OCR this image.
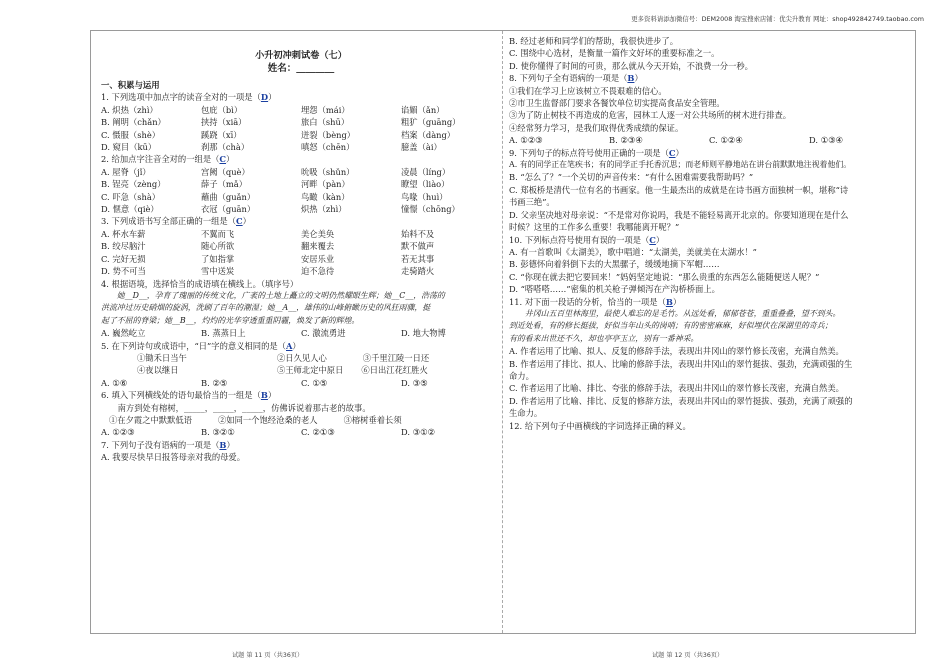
更多资料请添加微信号：DEM2008 淘宝搜索店铺：优尖升教育 网址：shop492842749.taobao.com
小升初冲刺试卷（七）
姓名：________
一、积累与运用
1. 下列选项中加点字的读音全对的一项是（D）
A. 炽热（zhì）	包庇（bì）	埋怨（mái）	谄媚（ǎn）
B. 阐明（chǎn）	挟持（xiā）	旅白（shū）	粗犷（guāng）
C. 慑服（shè）	蹊跷（xī）	迸裂（bèng）	档案（dàng）
D. 窥目（kū）	刹那（chà）	嗔怒（chēn）	臆盖（ài）
2. 给加点字注音全对的一组是（C）
A. 屋脊（jǐ）	宫阙（què）	吮吸（shǔn）	凌晨（líng）
B. 锃亮（zèng）	薛子（mǎ）	河畔（pàn）	瞭望（liào）
C. 吓急（shà）	蘸曲（guǎn）	鸟瞰（kàn）	鸟喙（huì）
D. 惬意（qiè）	衣冠（guān）	炽热（zhì）	憧憬（chōng）
3. 下列成语书写全部正确的一组是（C）
A. 杯水车薪	不翼而飞	美仑美奂	始料不及
B. 绞尽脑汁	随心所欲	翻来覆去	默不做声
C. 完好无损	了如指掌	安居乐业	若无其事
D. 势不可当	雪中送炭	迫不急待	走骑踏火
4. 根据语境，选择恰当的成语填在横线上。（填序号）
她__D__，孕育了瑰丽的传统文化，广袤的土地上矗立的文明仍然耀眼生辉；她__C__，浩荡的
洪流冲过历史硝烟的旋涡，洗刷了百年的潮湿；她__A__，雄伟的山峰俯瞰历史的风狂雨骤，挺
起了不屈的脊梁；她__B__，灼灼的光华穿透重重阴霾，焕发了新的辉煌。
A. 巍然屹立	B. 蒸蒸日上	C. 激流勇进	D. 地大物博
5. 在下列诗句或成语中，“日”字的意义相同的是（A）
①锄禾日当午	②日久见人心	③千里江陵一日还
④夜以继日	⑤王师北定中原日 ⑥日出江花红胜火
A. ①⑥	B. ②⑤	C. ①⑤	D. ③⑤
6. 填入下列横线处的语句最恰当的一组是（B）
南方到处有榕树，_____，_____，_____，仿佛诉说着那古老的故事。
①在夕霞之中默默低语	②如同一个饱经沧桑的老人	③榕树垂着长须
A. ①②③	B. ③②①	C. ②①③	D. ③①②
7. 下列句子没有语病的一项是（B）
A. 我要尽快早日报答母亲对我的母爱。
B. 经过老师和同学们的帮助，我很快进步了。
C. 围绕中心选材，是衡量一篇作文好坏的重要标准之一。
D. 使你懂得了时间的可贵，那么就从今天开始，不浪费一分一秒。
8. 下列句子全有语病的一项是（B）
①我们在学习上应该树立不畏艰难的信心。
②市卫生监督部门要求各餐饮单位切实提高食品安全管理。
③为了防止树枝不再造成的危害，园林工人逐一对公共场所的树木进行排查。
④经常努力学习，是我们取得优秀成绩的保证。
A. ①②③	B. ②③④	C. ①②④	D. ①③④
9. 下列句子的标点符号使用正确的一项是（C）
A. 有的同学正在笔疾书；有的同学正手托香沉思；而老师则平静地站在讲台前默默地注视着他们。
B. “怎么了？”一个关切的声音传来：“有什么困难需要我帮助吗？”
C. 郑板桥是清代一位有名的书画家。他一生最杰出的成就是在诗书画方面独树一帜，堪称“诗
书画三绝”。
D. 父亲坚决地对母亲说：“不是常对你说吗，我是不能轻易离开北京的。你要知道现在是什么
时候？这里的工作多么重要！我哪能离开呢？”
10. 下列标点符号使用有误的一项是（C）
A. 有一首歌叫《太湖美》，歌中唱道：“太湖美，美就美在太湖水！”
B. 彭德怀向着斜倒下去的大黑骡子，缓缓地摘下军帽……
C. “你现在就去把它要回来！”妈妈坚定地说：“那么贵重的东西怎么能随便送人呢？”
D. “嗒嗒嗒……”密集的机关枪子弹倾泻在产沟桥桥面上。
11. 对下面一段话的分析，恰当的一项是（B）
井冈山五百里林海里，最使人难忘的是毛竹。从远处看，郁郁苍苍，重重叠叠，望不到头。
到近处看，有的修长挺拔，好似当年山头的岗哨；有的密密麻麻，好似埋伏在深湖里的奇兵；
有的看来出世还不久，却也亭亭玉立，别有一番神采。
A. 作者运用了比喻、拟人、反复的修辞手法，表现出井冈山的翠竹修长茂密，充满自然美。
B. 作者运用了排比、拟人、比喻的修辞手法，表现出井冈山的翠竹挺拔、强劲，充满顽强的生
命力。
C. 作者运用了比喻、排比、夸张的修辞手法，表现出井冈山的翠竹修长茂密，充满自然美。
D. 作者运用了比喻、排比、反复的修辞方法，表现出井冈山的翠竹挺拔、强劲，充满了顽强的
生命力。
12. 给下列句子中画横线的字词选择正确的释义。
试题 第 11 页（共36页）	试题 第 12 页（共36页）
